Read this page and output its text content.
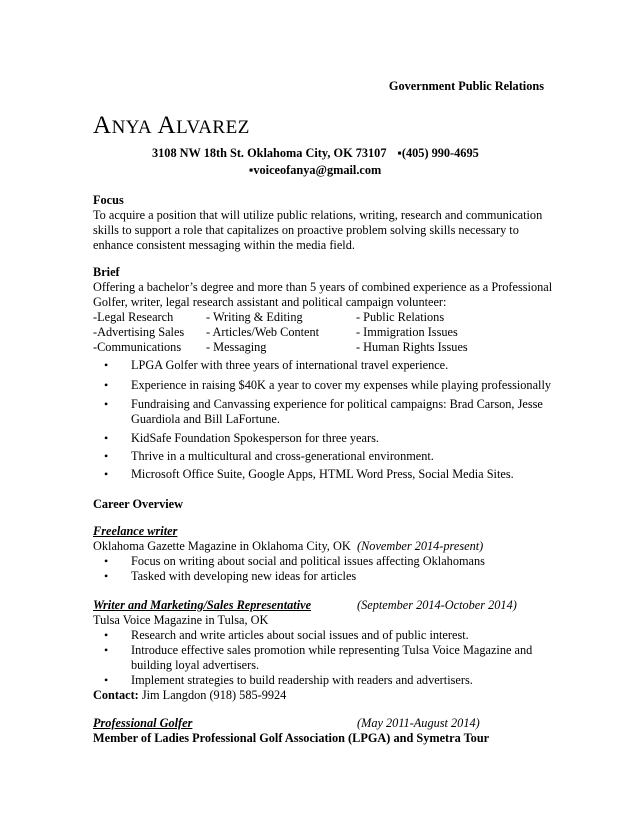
Government Public Relations
ANYA ALVAREZ
3108 NW 18th St. Oklahoma City, OK 73107 ▪(405) 990-4695
▪voiceofanya@gmail.com
Focus
To acquire a position that will utilize public relations, writing, research and communication
skills to support a role that capitalizes on proactive problem solving skills necessary to
enhance consistent messaging within the media field.
Brief
Offering a bachelor’s degree and more than 5 years of combined experience as a Professional
Golfer, writer, legal research assistant and political campaign volunteer:
-Legal Research	- Writing & Editing	- Public Relations
-Advertising Sales - Articles/Web Content	- Immigration Issues
-Communications - Messaging	- Human Rights Issues
• LPGA Golfer with three years of international travel experience.
• Experience in raising $40K a year to cover my expenses while playing professionally
• Fundraising and Canvassing experience for political campaigns: Brad Carson, Jesse
Guardiola and Bill LaFortune.
• KidSafe Foundation Spokesperson for three years.
• Thrive in a multicultural and cross-generational environment.
• Microsoft Office Suite, Google Apps, HTML Word Press, Social Media Sites.
Career Overview
Freelance writer
Oklahoma Gazette Magazine in Oklahoma City, OK (November 2014-present)
• Focus on writing about social and political issues affecting Oklahomans
• Tasked with developing new ideas for articles
Writer and Marketing/Sales Representative	(September 2014-October 2014)
Tulsa Voice Magazine in Tulsa, OK
• Research and write articles about social issues and of public interest.
• Introduce effective sales promotion while representing Tulsa Voice Magazine and
building loyal advertisers.
• Implement strategies to build readership with readers and advertisers.
Contact: Jim Langdon (918) 585-9924
Professional Golfer	(May 2011-August 2014)
Member of Ladies Professional Golf Association (LPGA) and Symetra Tour
